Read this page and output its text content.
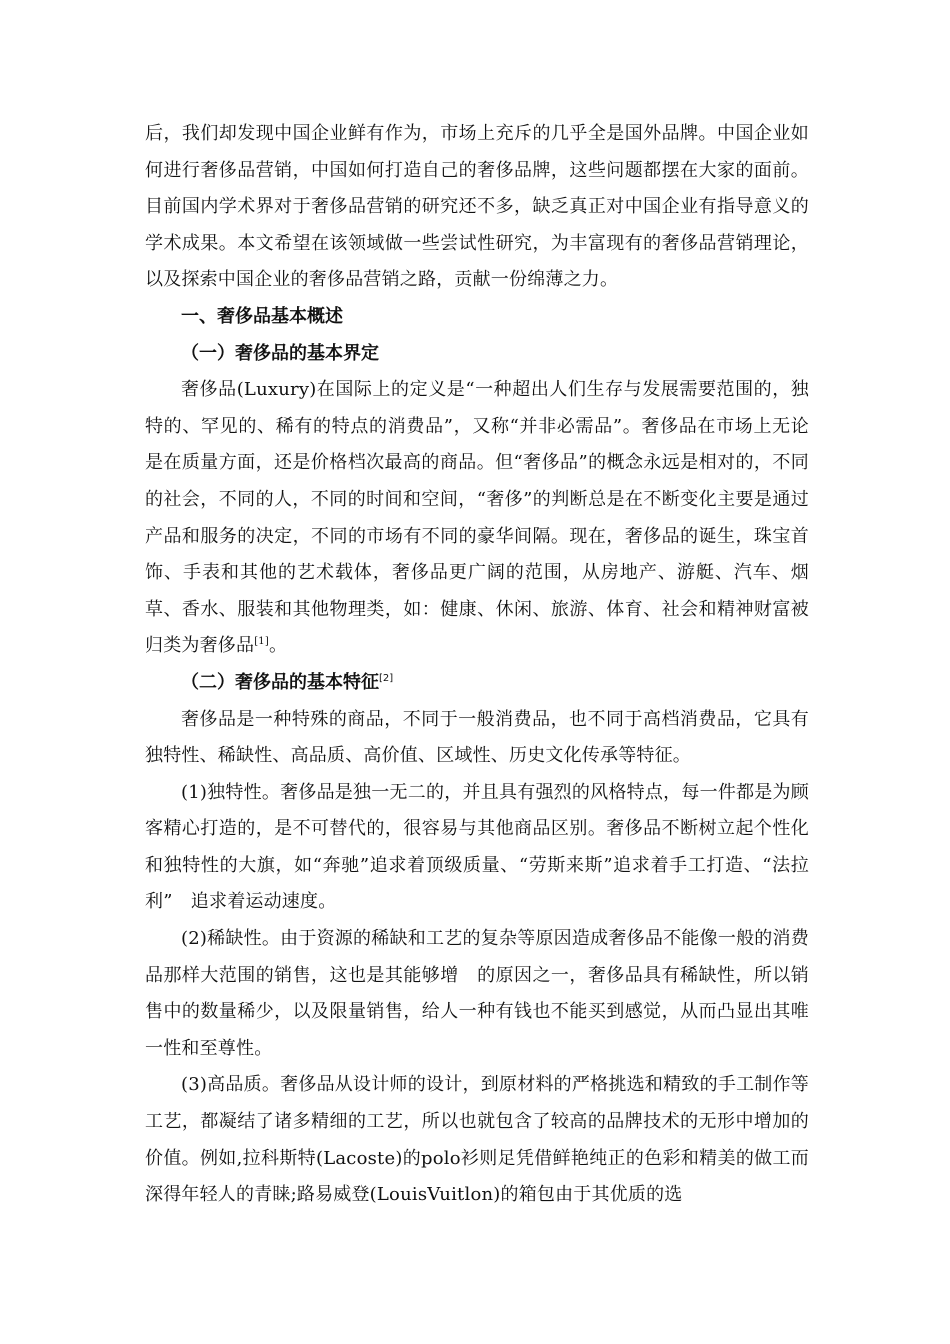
后，我们却发现中国企业鲜有作为，市场上充斥的几乎全是国外品牌。中国企业如何进行奢侈品营销，中国如何打造自己的奢侈品牌，这些问题都摆在大家的面前。目前国内学术界对于奢侈品营销的研究还不多，缺乏真正对中国企业有指导意义的学术成果。本文希望在该领域做一些尝试性研究，为丰富现有的奢侈品营销理论，以及探索中国企业的奢侈品营销之路，贡献一份绵薄之力。

一、奢侈品基本概述

（一）奢侈品的基本界定

奢侈品(Luxury)在国际上的定义是“一种超出人们生存与发展需要范围的，独特的、罕见的、稀有的特点的消费品”，又称“并非必需品”。奢侈品在市场上无论是在质量方面，还是价格档次最高的商品。但“奢侈品”的概念永远是相对的，不同的社会，不同的人，不同的时间和空间，“奢侈”的判断总是在不断变化主要是通过产品和服务的决定，不同的市场有不同的豪华间隔。现在，奢侈品的诞生，珠宝首饰、手表和其他的艺术载体，奢侈品更广阔的范围，从房地产、游艇、汽车、烟草、香水、服装和其他物理类，如：健康、休闲、旅游、体育、社会和精神财富被归类为奢侈品[1]。

（二）奢侈品的基本特征[2]

奢侈品是一种特殊的商品，不同于一般消费品，也不同于高档消费品，它具有独特性、稀缺性、高品质、高价值、区域性、历史文化传承等特征。

(1)独特性。奢侈品是独一无二的，并且具有强烈的风格特点，每一件都是为顾客精心打造的，是不可替代的，很容易与其他商品区别。奢侈品不断树立起个性化和独特性的大旗，如“奔驰”追求着顶级质量、“劳斯来斯”追求着手工打造、“法拉利”　追求着运动速度。

(2)稀缺性。由于资源的稀缺和工艺的复杂等原因造成奢侈品不能像一般的消费品那样大范围的销售，这也是其能够增　的原因之一，奢侈品具有稀缺性，所以销售中的数量稀少，以及限量销售，给人一种有钱也不能买到感觉，从而凸显出其唯一性和至尊性。

(3)高品质。奢侈品从设计师的设计，到原材料的严格挑选和精致的手工制作等工艺，都凝结了诸多精细的工艺，所以也就包含了较高的品牌技术的无形中增加的价值。例如,拉科斯特(Lacoste)的polo衫则足凭借鲜艳纯正的色彩和精美的做工而深得年轻人的青睐;路易威登(LouisVuitlon)的箱包由于其优质的选
